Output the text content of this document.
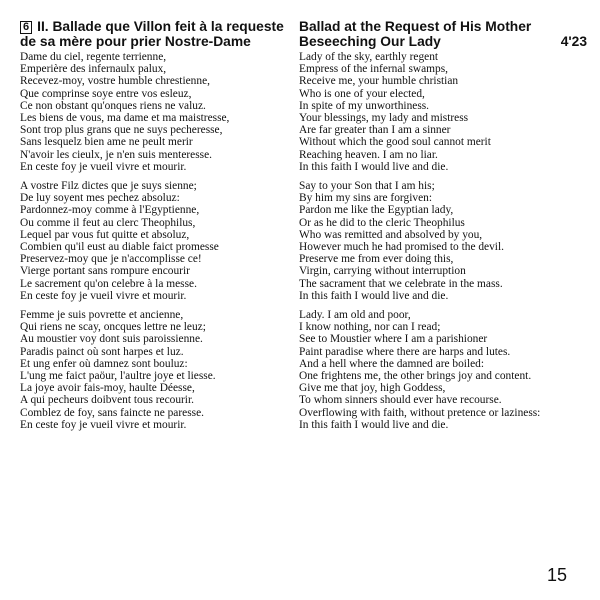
6 II. Ballade que Villon feit à la requeste
de sa mère pour prier Nostre-Dame
Dame du ciel, regente terrienne,
Emperière des infernaulx palux,
Recevez-moy, vostre humble chrestienne,
Que comprinse soye entre vos esleuz,
Ce non obstant qu'onques riens ne valuz.
Les biens de vous, ma dame et ma maistresse,
Sont trop plus grans que ne suys pecheresse,
Sans lesquelz bien ame ne peult merir
N'avoir les cieulx, je n'en suis menteresse.
En ceste foy je vueil vivre et mourir.
A vostre Filz dictes que je suys sienne;
De luy soyent mes pechez absoluz:
Pardonnez-moy comme à l'Egyptienne,
Ou comme il feut au clerc Theophilus,
Lequel par vous fut quitte et absoluz,
Combien qu'il eust au diable faict promesse
Preservez-moy que je n'accomplisse ce!
Vierge portant sans rompure encourir
Le sacrement qu'on celebre à la messe.
En ceste foy je vueil vivre et mourir.
Femme je suis povrette et ancienne,
Qui riens ne scay, oncques lettre ne leuz;
Au moustier voy dont suis paroissienne.
Paradis painct où sont harpes et luz.
Et ung enfer où damnez sont bouluz:
L'ung me faict paöur, l'aultre joye et liesse.
La joye avoir fais-moy, haulte Déesse,
A qui pecheurs doibvent tous recourir.
Comblez de foy, sans faincte ne paresse.
En ceste foy je vueil vivre et mourir.
Ballad at the Request of His Mother
Beseeching Our Lady	4'23
Lady of the sky, earthly regent
Empress of the infernal swamps,
Receive me, your humble christian
Who is one of your elected,
In spite of my unworthiness.
Your blessings, my lady and mistress
Are far greater than I am a sinner
Without which the good soul cannot merit
Reaching heaven. I am no liar.
In this faith I would live and die.
Say to your Son that I am his;
By him my sins are forgiven:
Pardon me like the Egyptian lady,
Or as he did to the cleric Theophilus
Who was remitted and absolved by you,
However much he had promised to the devil.
Preserve me from ever doing this,
Virgin, carrying without interruption
The sacrament that we celebrate in the mass.
In this faith I would live and die.
Lady. I am old and poor,
I know nothing, nor can I read;
See to Moustier where I am a parishioner
Paint paradise where there are harps and lutes.
And a hell where the damned are boiled:
One frightens me, the other brings joy and content.
Give me that joy, high Goddess,
To whom sinners should ever have recourse.
Overflowing with faith, without pretence or laziness:
In this faith I would live and die.
15
